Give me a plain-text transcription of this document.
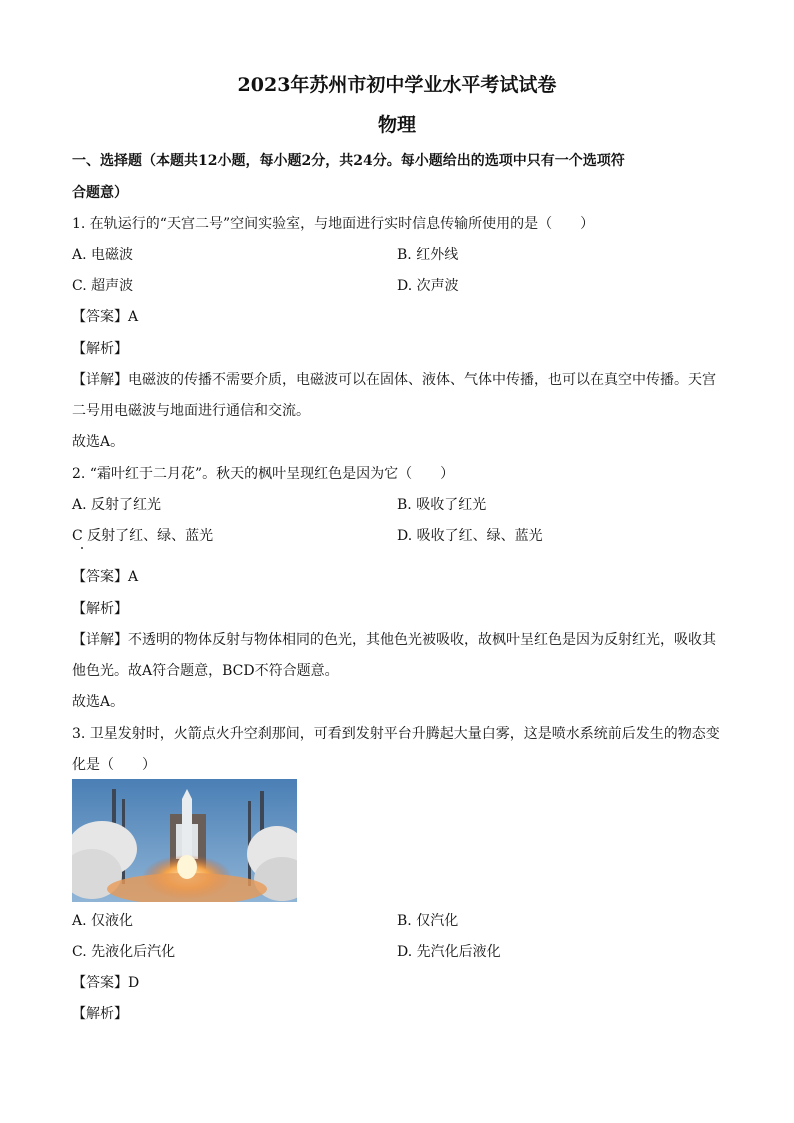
2023年苏州市初中学业水平考试试卷
物理
一、选择题（本题共12小题，每小题2分，共24分。每小题给出的选项中只有一个选项符
合题意）
1. 在轨运行的“天宫二号”空间实验室，与地面进行实时信息传输所使用的是（　　）
A. 电磁波	B. 红外线
C. 超声波	D. 次声波
【答案】A
【解析】
【详解】电磁波的传播不需要介质，电磁波可以在固体、液体、气体中传播，也可以在真空中传播。天宫
二号用电磁波与地面进行通信和交流。
故选A。
2. “霜叶红于二月花”。秋天的枫叶呈现红色是因为它（　　）
A. 反射了红光	B. 吸收了红光
C 反射了红、绿、蓝光	D. 吸收了红、绿、蓝光
【答案】A
【解析】
【详解】不透明的物体反射与物体相同的色光，其他色光被吸收，故枫叶呈红色是因为反射红光，吸收其
他色光。故A符合题意，BCD不符合题意。
故选A。
3. 卫星发射时，火箭点火升空刹那间，可看到发射平台升腾起大量白雾，这是喷水系统前后发生的物态变
化是（　　）
A. 仅液化	B. 仅汽化
C. 先液化后汽化	D. 先汽化后液化
【答案】D
【解析】
